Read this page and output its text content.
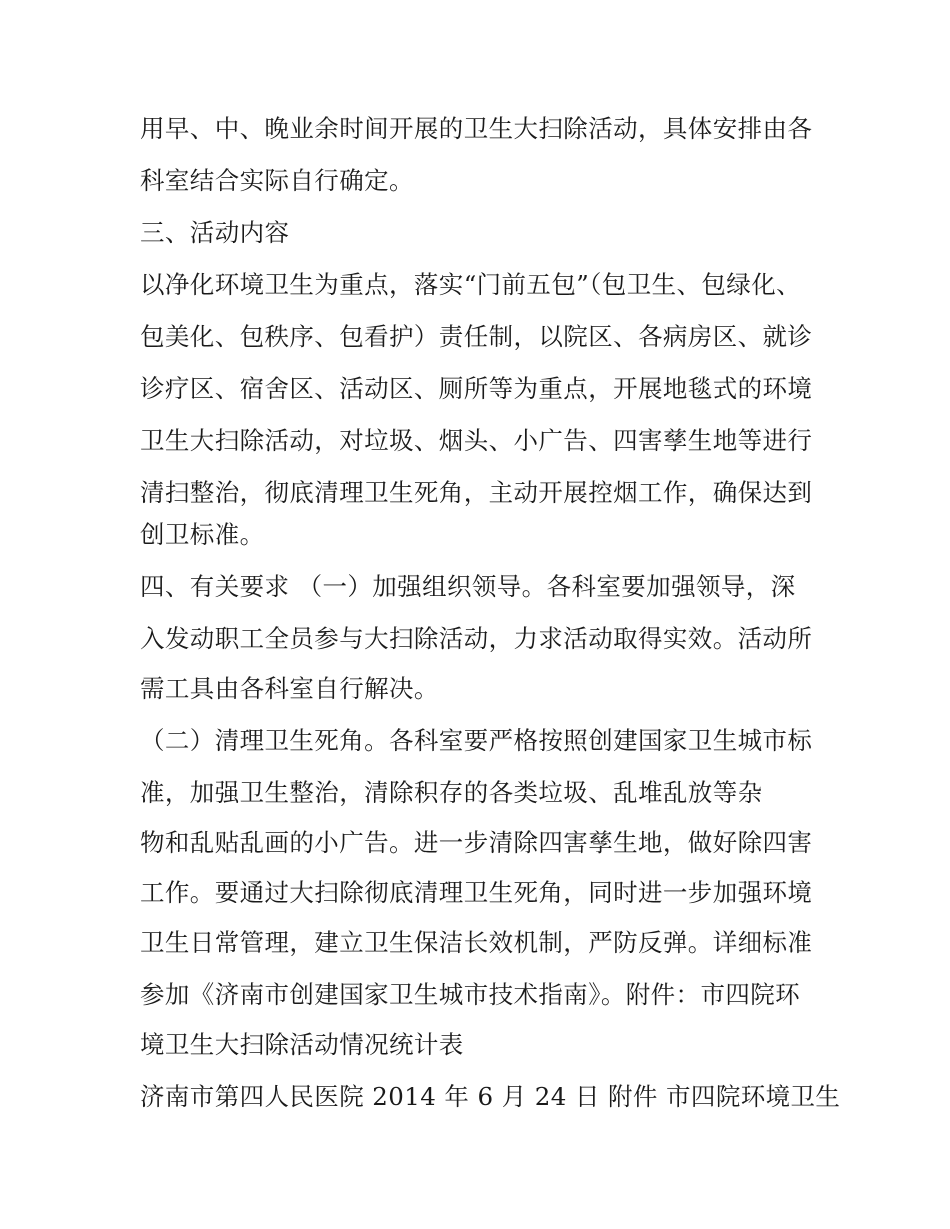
用早、中、晚业余时间开展的卫生大扫除活动，具体安排由各
科室结合实际自行确定。
三、活动内容
以净化环境卫生为重点，落实“门前五包”（包卫生、包绿化、
包美化、包秩序、包看护）责任制，以院区、各病房区、就诊
诊疗区、宿舍区、活动区、厕所等为重点，开展地毯式的环境
卫生大扫除活动，对垃圾、烟头、小广告、四害孳生地等进行
清扫整治，彻底清理卫生死角，主动开展控烟工作，确保达到
创卫标准。
四、有关要求 （一）加强组织领导。各科室要加强领导，深
入发动职工全员参与大扫除活动，力求活动取得实效。活动所
需工具由各科室自行解决。
（二）清理卫生死角。各科室要严格按照创建国家卫生城市标
准，加强卫生整治，清除积存的各类垃圾、乱堆乱放等杂
物和乱贴乱画的小广告。进一步清除四害孳生地，做好除四害
工作。要通过大扫除彻底清理卫生死角，同时进一步加强环境
卫生日常管理，建立卫生保洁长效机制，严防反弹。详细标准
参加《济南市创建国家卫生城市技术指南》。附件：市四院环
境卫生大扫除活动情况统计表
济南市第四人民医院 2014 年 6 月 24 日 附件 市四院环境卫生
